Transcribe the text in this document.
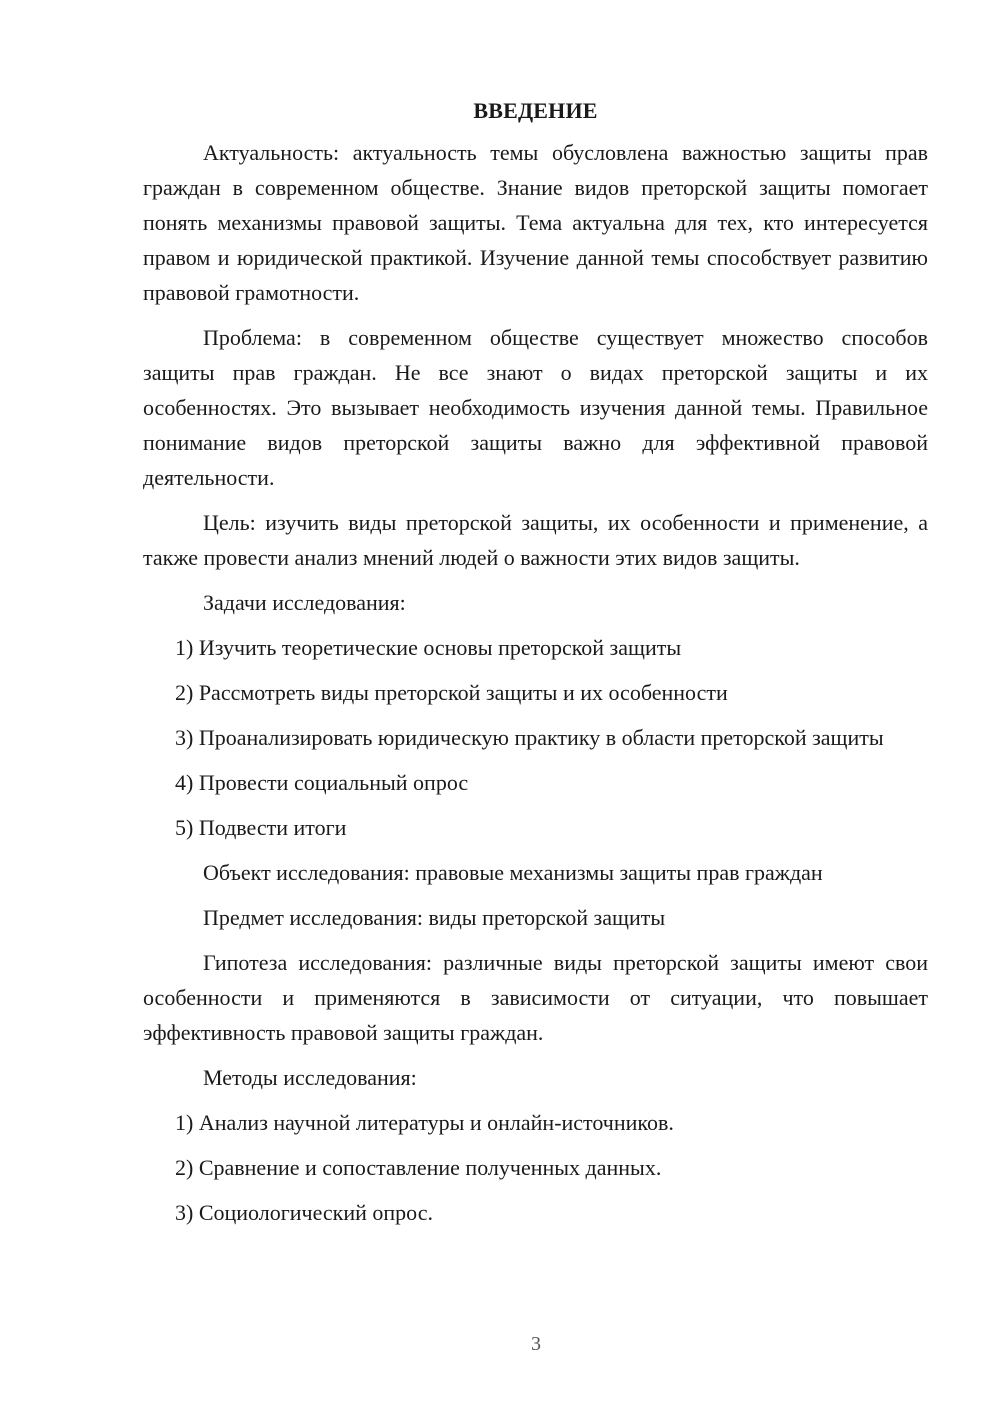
ВВЕДЕНИЕ

Актуальность: актуальность темы обусловлена важностью защиты прав граждан в современном обществе. Знание видов преторской защиты помогает понять механизмы правовой защиты. Тема актуальна для тех, кто интересуется правом и юридической практикой. Изучение данной темы способствует развитию правовой грамотности.

Проблема: в современном обществе существует множество способов защиты прав граждан. Не все знают о видах преторской защиты и их особенностях. Это вызывает необходимость изучения данной темы. Правильное понимание видов преторской защиты важно для эффективной правовой деятельности.

Цель: изучить виды преторской защиты, их особенности и применение, а также провести анализ мнений людей о важности этих видов защиты.

Задачи исследования:

1) Изучить теоретические основы преторской защиты

2) Рассмотреть виды преторской защиты и их особенности

3) Проанализировать юридическую практику в области преторской защиты

4) Провести социальный опрос

5) Подвести итоги

Объект исследования: правовые механизмы защиты прав граждан

Предмет исследования: виды преторской защиты

Гипотеза исследования: различные виды преторской защиты имеют свои особенности и применяются в зависимости от ситуации, что повышает эффективность правовой защиты граждан.

Методы исследования:

1) Анализ научной литературы и онлайн-источников.

2) Сравнение и сопоставление полученных данных.

3) Социологический опрос.

3
